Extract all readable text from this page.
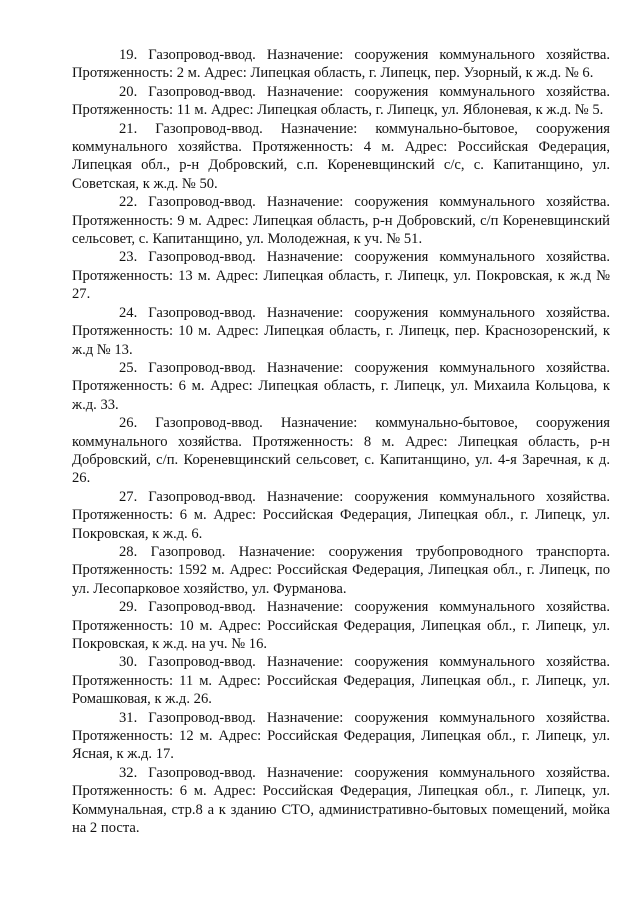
19. Газопровод-ввод. Назначение: сооружения коммунального хозяйства. Протяженность: 2 м. Адрес: Липецкая область, г. Липецк, пер. Узорный, к ж.д. № 6.

20. Газопровод-ввод. Назначение: сооружения коммунального хозяйства. Протяженность: 11 м. Адрес: Липецкая область, г. Липецк, ул. Яблоневая, к ж.д. № 5.

21. Газопровод-ввод. Назначение: коммунально-бытовое, сооружения коммунального хозяйства. Протяженность: 4 м. Адрес: Российская Федерация, Липецкая обл., р-н Добровский, с.п. Кореневщинский с/с, с. Капитанщино, ул. Советская, к ж.д. № 50.

22. Газопровод-ввод. Назначение: сооружения коммунального хозяйства. Протяженность: 9 м. Адрес: Липецкая область, р-н Добровский, с/п Кореневщинский сельсовет, с. Капитанщино, ул. Молодежная, к уч. № 51.

23. Газопровод-ввод. Назначение: сооружения коммунального хозяйства. Протяженность: 13 м. Адрес: Липецкая область, г. Липецк, ул. Покровская, к ж.д № 27.

24. Газопровод-ввод. Назначение: сооружения коммунального хозяйства. Протяженность: 10 м. Адрес: Липецкая область, г. Липецк, пер. Краснозоренский, к ж.д № 13.

25. Газопровод-ввод. Назначение: сооружения коммунального хозяйства. Протяженность: 6 м. Адрес: Липецкая область, г. Липецк, ул. Михаила Кольцова, к ж.д. 33.

26. Газопровод-ввод. Назначение: коммунально-бытовое, сооружения коммунального хозяйства. Протяженность: 8 м. Адрес: Липецкая область, р-н Добровский, с/п. Кореневщинский сельсовет, с. Капитанщино, ул. 4-я Заречная, к д. 26.

27. Газопровод-ввод. Назначение: сооружения коммунального хозяйства. Протяженность: 6 м. Адрес: Российская Федерация, Липецкая обл., г. Липецк, ул. Покровская, к ж.д. 6.

28. Газопровод. Назначение: сооружения трубопроводного транспорта. Протяженность: 1592 м. Адрес: Российская Федерация, Липецкая обл., г. Липецк, по ул. Лесопарковое хозяйство, ул. Фурманова.

29. Газопровод-ввод. Назначение: сооружения коммунального хозяйства. Протяженность: 10 м. Адрес: Российская Федерация, Липецкая обл., г. Липецк, ул. Покровская, к ж.д. на уч. № 16.

30. Газопровод-ввод. Назначение: сооружения коммунального хозяйства. Протяженность: 11 м. Адрес: Российская Федерация, Липецкая обл., г. Липецк, ул. Ромашковая, к ж.д. 26.

31. Газопровод-ввод. Назначение: сооружения коммунального хозяйства. Протяженность: 12 м. Адрес: Российская Федерация, Липецкая обл., г. Липецк, ул. Ясная, к ж.д. 17.

32. Газопровод-ввод. Назначение: сооружения коммунального хозяйства. Протяженность: 6 м. Адрес: Российская Федерация, Липецкая обл., г. Липецк, ул. Коммунальная, стр.8 а к зданию СТО, административно-бытовых помещений, мойка на 2 поста.
